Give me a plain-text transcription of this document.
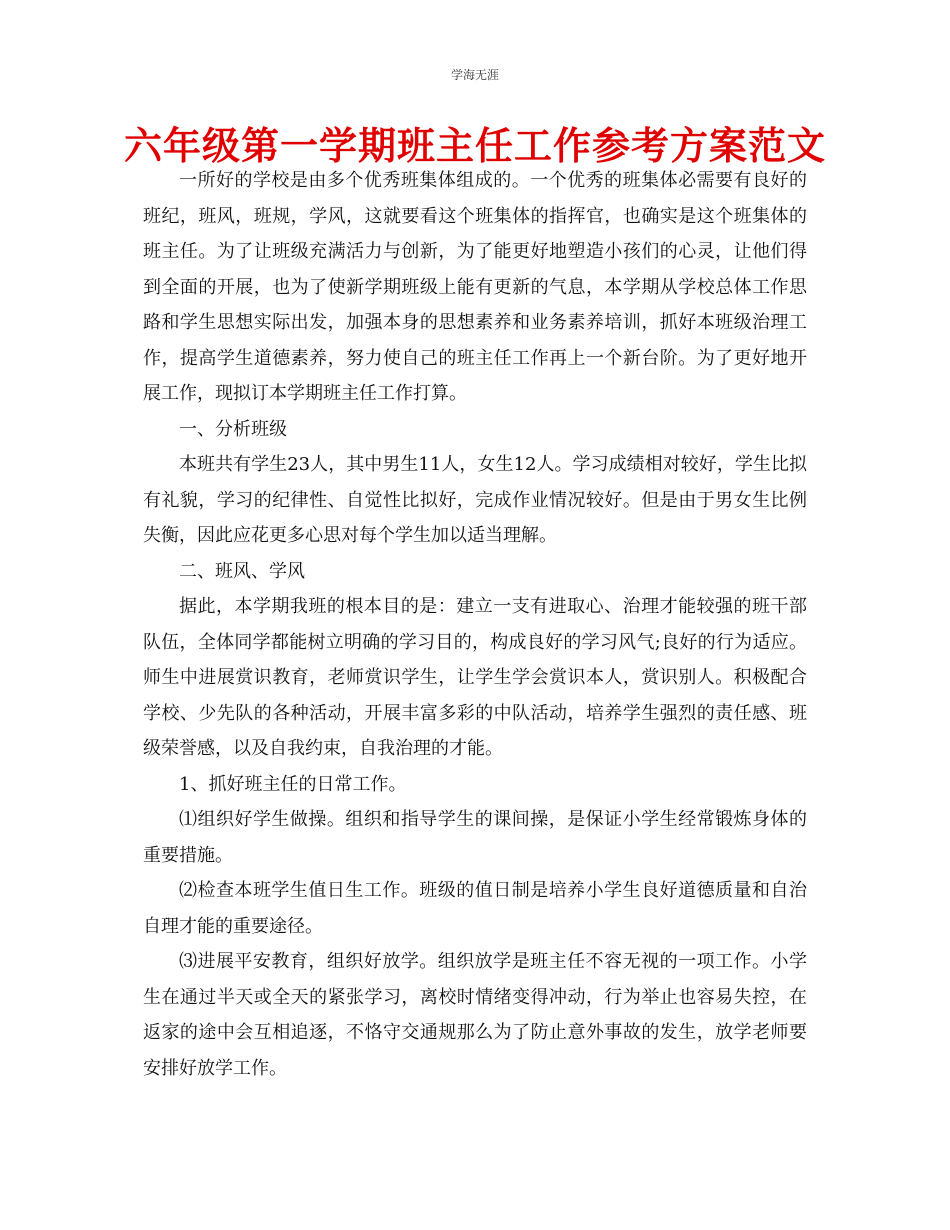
学海无涯
六年级第一学期班主任工作参考方案范文

一所好的学校是由多个优秀班集体组成的。一个优秀的班集体必需要有良好的班纪，班风，班规，学风，这就要看这个班集体的指挥官，也确实是这个班集体的班主任。为了让班级充满活力与创新，为了能更好地塑造小孩们的心灵，让他们得到全面的开展，也为了使新学期班级上能有更新的气息，本学期从学校总体工作思路和学生思想实际出发，加强本身的思想素养和业务素养培训，抓好本班级治理工作，提高学生道德素养，努力使自己的班主任工作再上一个新台阶。为了更好地开展工作，现拟订本学期班主任工作打算。

一、分析班级

本班共有学生23人，其中男生11人，女生12人。学习成绩相对较好，学生比拟有礼貌，学习的纪律性、自觉性比拟好，完成作业情况较好。但是由于男女生比例失衡，因此应花更多心思对每个学生加以适当理解。

二、班风、学风

据此，本学期我班的根本目的是：建立一支有进取心、治理才能较强的班干部队伍，全体同学都能树立明确的学习目的，构成良好的学习风气;良好的行为适应。师生中进展赏识教育，老师赏识学生，让学生学会赏识本人，赏识别人。积极配合学校、少先队的各种活动，开展丰富多彩的中队活动，培养学生强烈的责任感、班级荣誉感，以及自我约束，自我治理的才能。

1、抓好班主任的日常工作。

⑴组织好学生做操。组织和指导学生的课间操，是保证小学生经常锻炼身体的重要措施。

⑵检查本班学生值日生工作。班级的值日制是培养小学生良好道德质量和自治自理才能的重要途径。

⑶进展平安教育，组织好放学。组织放学是班主任不容无视的一项工作。小学生在通过半天或全天的紧张学习，离校时情绪变得冲动，行为举止也容易失控，在返家的途中会互相追逐，不恪守交通规那么为了防止意外事故的发生，放学老师要安排好放学工作。
